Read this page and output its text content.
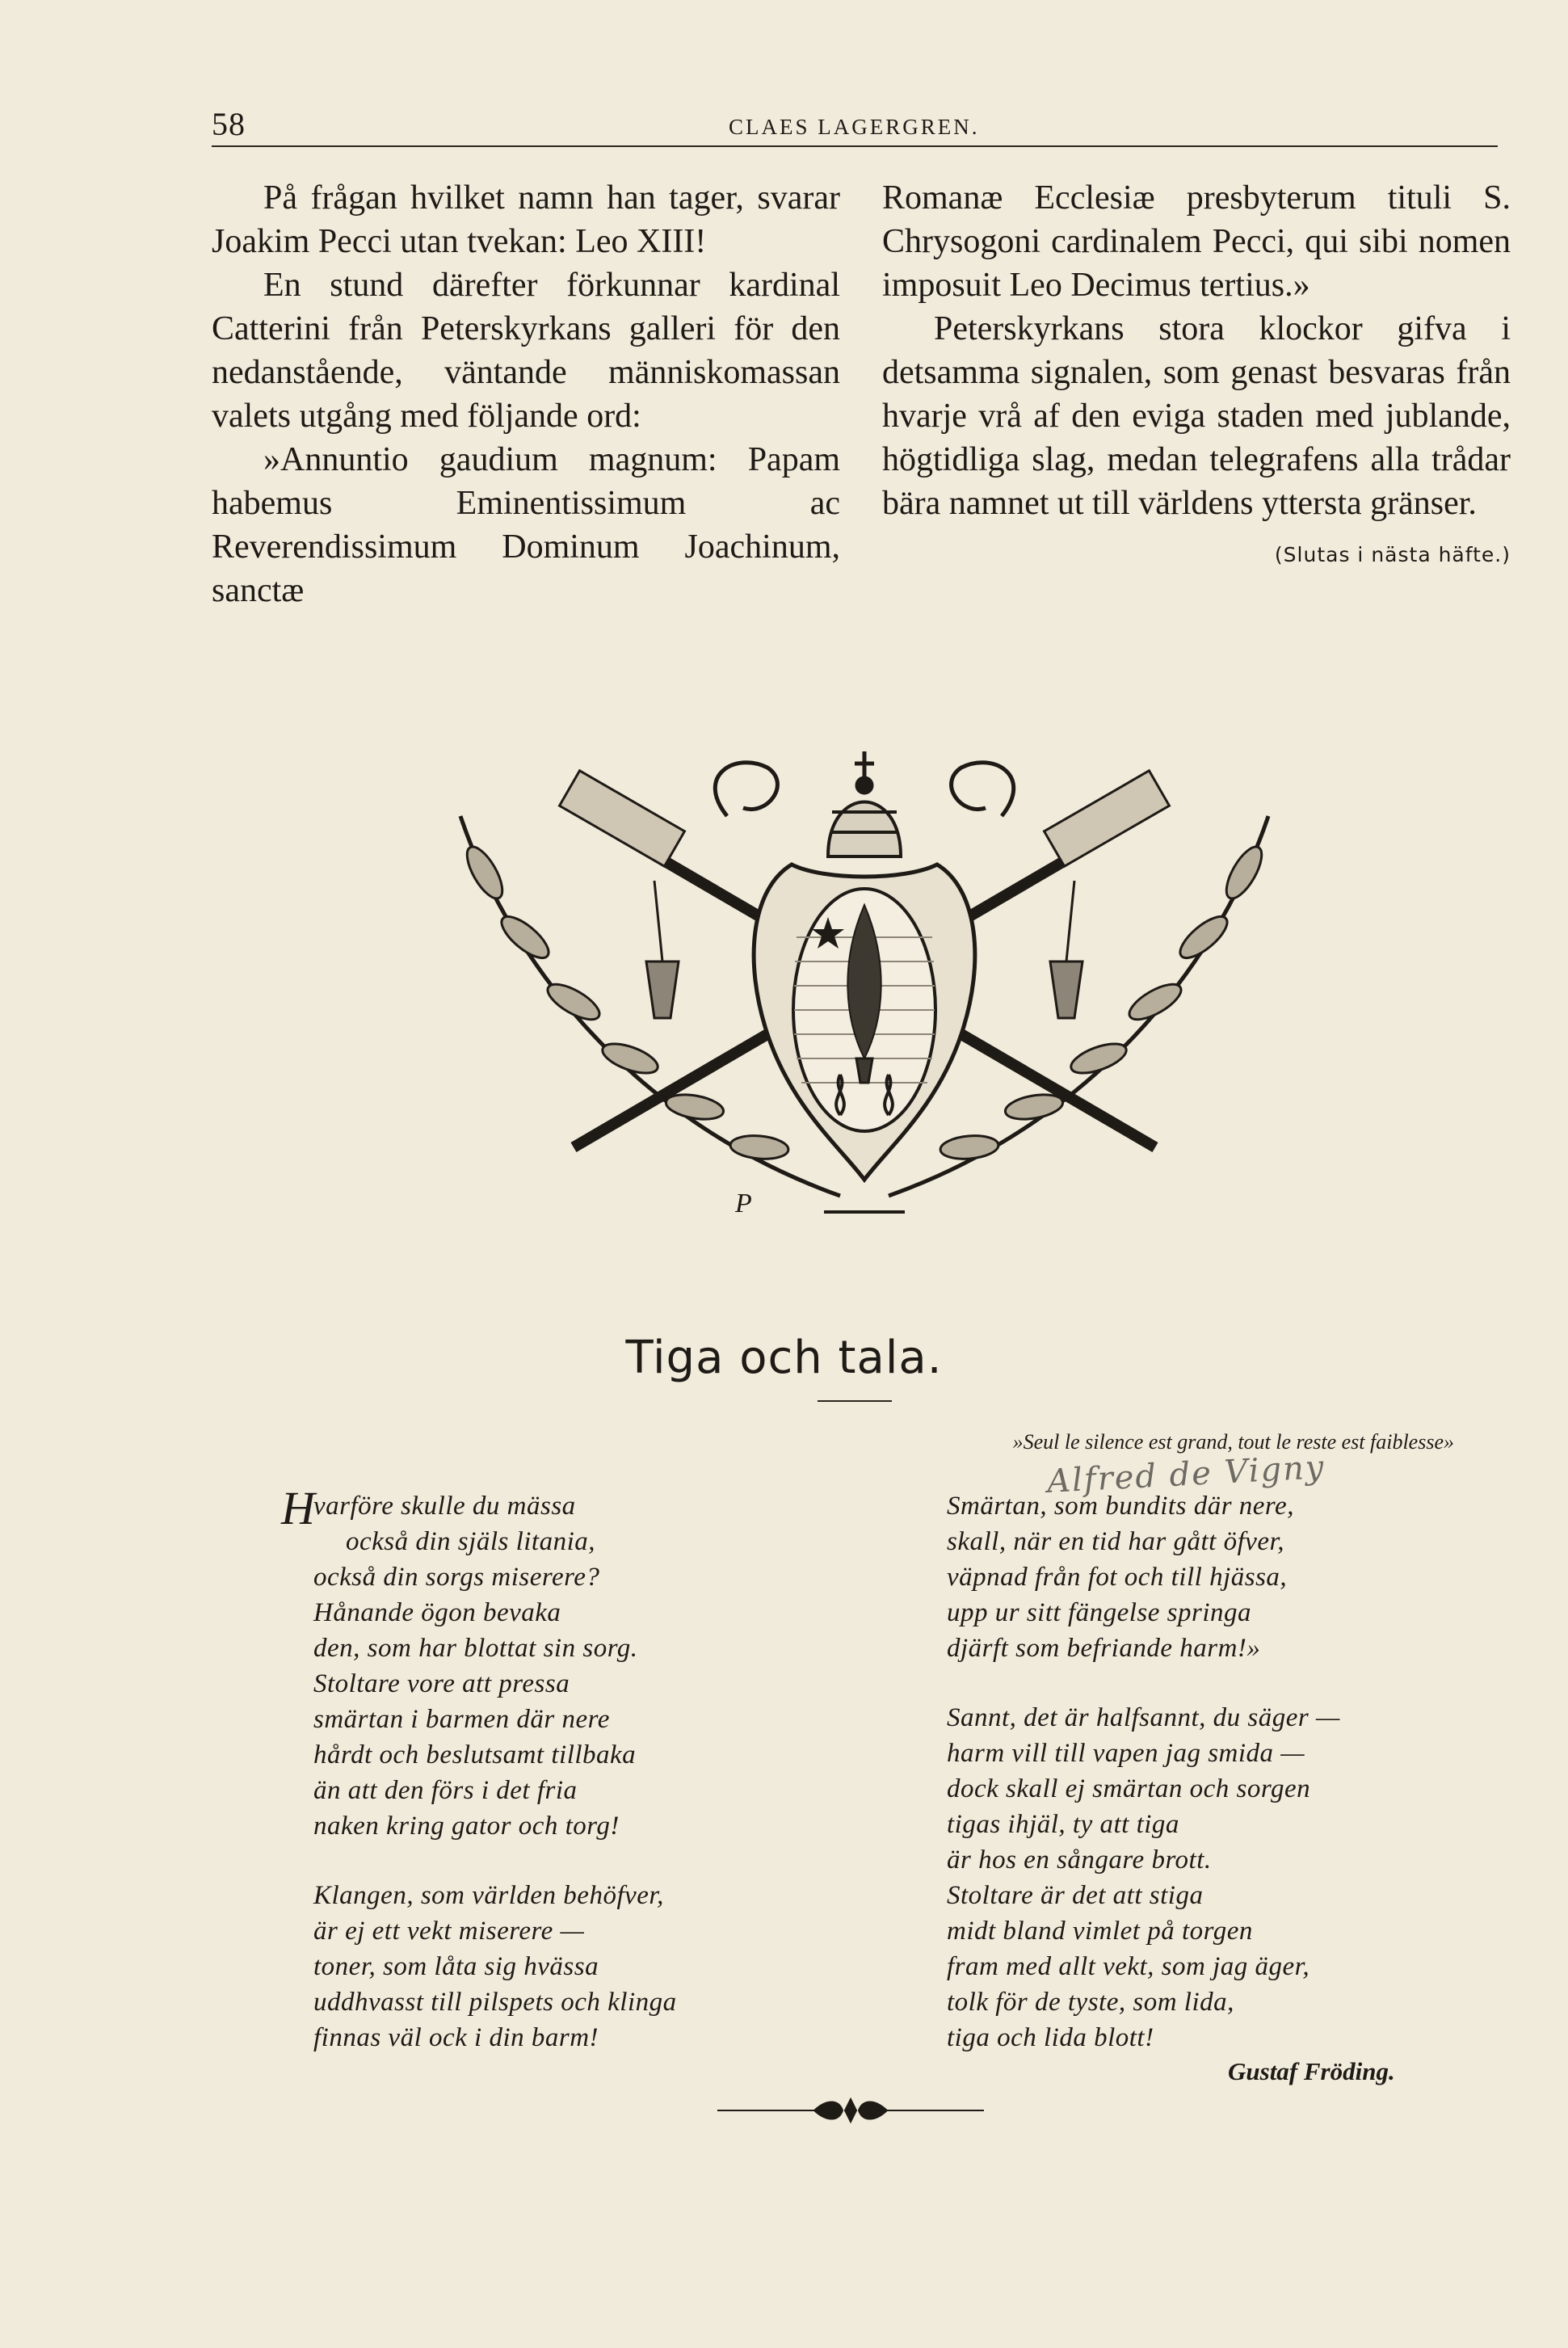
58	CLAES LAGERGREN.

På frågan hvilket namn han tager, svarar Joakim Pecci utan tvekan: Leo XIII!

En stund därefter förkunnar kardinal Catterini från Peterskyrkans galleri för den nedanstående, väntande människomassan valets utgång med följande ord:

»Annuntio gaudium magnum: Papam habemus Eminentissimum ac Reverendissimum Dominum Joachinum, sanctæ

Romanæ Ecclesiæ presbyterum tituli S. Chrysogoni cardinalem Pecci, qui sibi nomen imposuit Leo Decimus tertius.»

Peterskyrkans stora klockor gifva i detsamma signalen, som genast besvaras från hvarje vrå af den eviga staden med jublande, högtidliga slag, medan telegrafens alla trådar bära namnet ut till världens yttersta gränser.

(Slutas i nästa häfte.)
P
Tiga och tala.
»Seul le silence est grand, tout le reste est faiblesse»
Alfred de Vigny
H
varföre skulle du mässa
också din själs litania,
också din sorgs miserere?
Hånande ögon bevaka
den, som har blottat sin sorg.
Stoltare vore att pressa
smärtan i barmen där nere
hårdt och beslutsamt tillbaka
än att den förs i det fria
naken kring gator och torg!
Klangen, som världen behöfver,
är ej ett vekt miserere —
toner, som låta sig hvässa
uddhvasst till pilspets och klinga
finnas väl ock i din barm!
Smärtan, som bundits där nere,
skall, när en tid har gått öfver,
väpnad från fot och till hjässa,
upp ur sitt fängelse springa
djärft som befriande harm!»
Sannt, det är halfsannt, du säger —
harm vill till vapen jag smida —
dock skall ej smärtan och sorgen
tigas ihjäl, ty att tiga
är hos en sångare brott.
Stoltare är det att stiga
midt bland vimlet på torgen
fram med allt vekt, som jag äger,
tolk för de tyste, som lida,
tiga och lida blott!
Gustaf Fröding.
